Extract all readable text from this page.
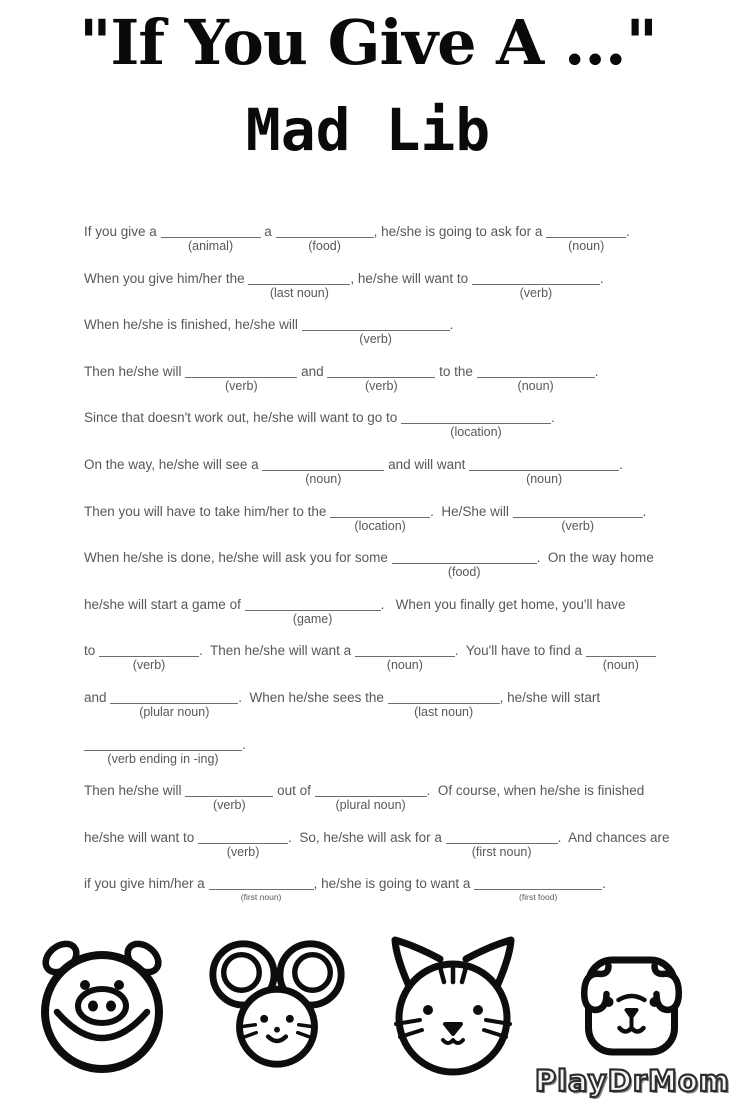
"If You Give A ..."
Mad Lib
If you give a
(animal)
a
(food)
, he/she is going to ask for a
(noun)
.
When you give him/her the
(last noun)
, he/she will want to
(verb)
.
When he/she is finished, he/she will
(verb)
.
Then he/she will
(verb)
and
(verb)
to the
(noun)
.
Since that doesn't work out, he/she will want to go to
(location)
.
On the way, he/she will see a
(noun)
and will want
(noun)
.
Then you will have to take him/her to the
(location)
.  He/She will
(verb)
.
When he/she is done, he/she will ask you for some
(food)
.  On the way home
he/she will start a game of
(game)
.   When you finally get home, you'll have
to
(verb)
.  Then he/she will want a
(noun)
.  You'll have to find a
(noun)
and
(plular noun)
.  When he/she sees the
(last noun)
, he/she will start
(verb ending in -ing)
.
Then he/she will
(verb)
out of
(plural noun)
.  Of course, when he/she is finished
he/she will want to
(verb)
.  So, he/she will ask for a
(first noun)
.  And chances are
if you give him/her a
(first noun)
, he/she is going to want a
(first food)
.
PlayDrMom
